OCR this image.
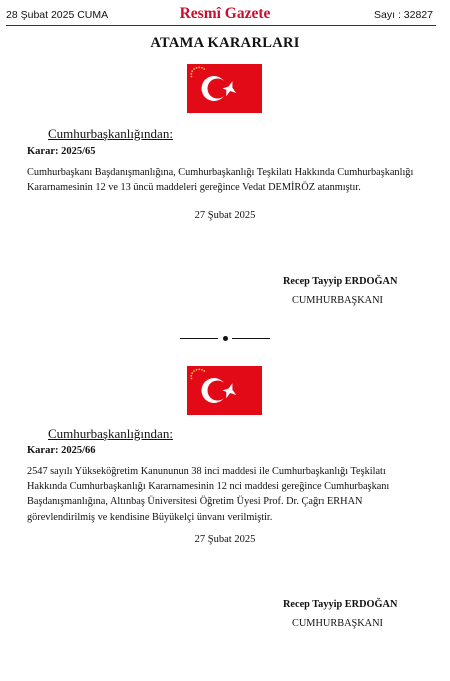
28 Şubat 2025 CUMA	Resmî Gazete	Sayı : 32827
ATAMA KARARLARI
Cumhurbaşkanlığından:
Karar: 2025/65
Cumhurbaşkanı Başdanışmanlığına, Cumhurbaşkanlığı Teşkilatı Hakkında Cumhurbaşkanlığı
Kararnamesinin 12 ve 13 üncü maddeleri gereğince Vedat DEMİRÖZ atanmıştır.
27 Şubat 2025
Recep Tayyip ERDOĞAN
CUMHURBAŞKANI
Cumhurbaşkanlığından:
Karar: 2025/66
2547 sayılı Yükseköğretim Kanununun 38 inci maddesi ile Cumhurbaşkanlığı Teşkilatı
Hakkında Cumhurbaşkanlığı Kararnamesinin 12 nci maddesi gereğince Cumhurbaşkanı
Başdanışmanlığına, Altınbaş Üniversitesi Öğretim Üyesi Prof. Dr. Çağrı ERHAN
görevlendirilmiş ve kendisine Büyükelçi ünvanı verilmiştir.
27 Şubat 2025
Recep Tayyip ERDOĞAN
CUMHURBAŞKANI
